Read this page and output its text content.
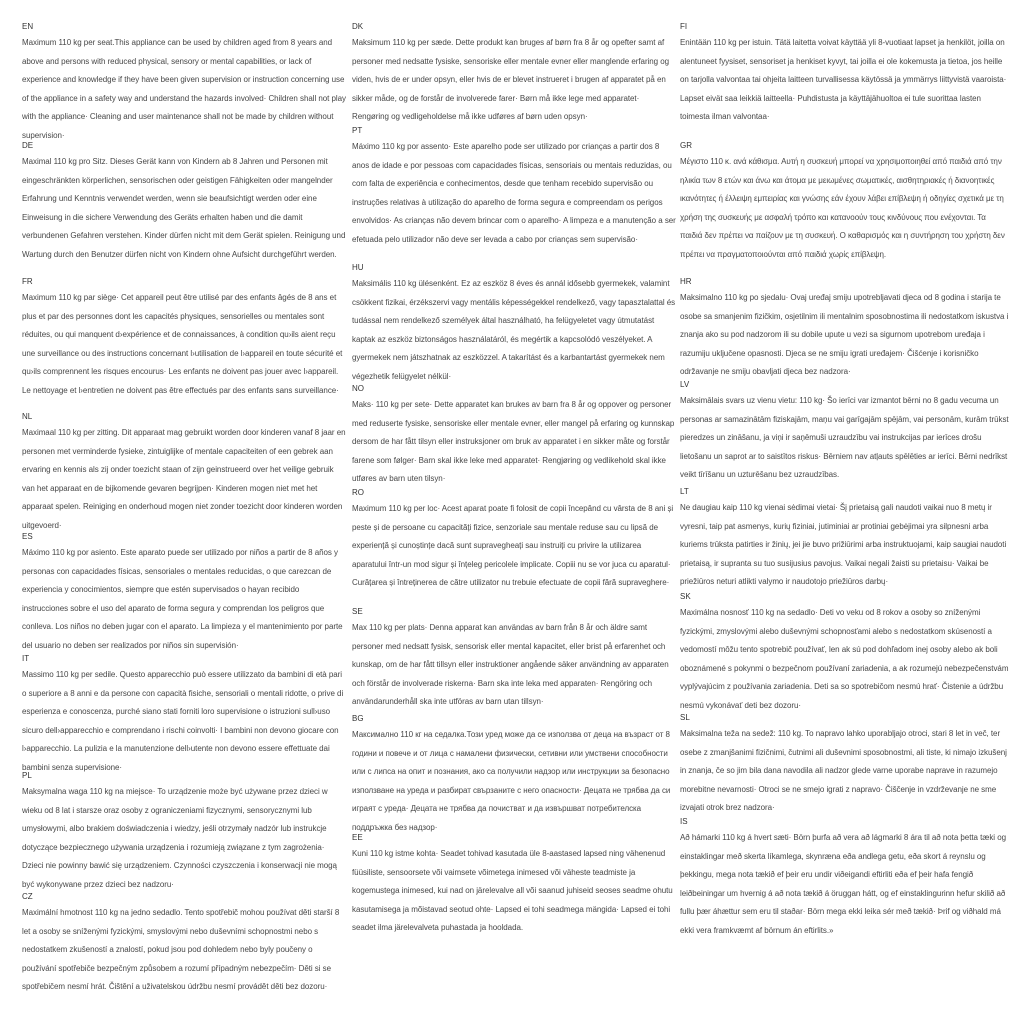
EN

Maximum 110 kg per seat.This appliance can be used by children aged from 8 years and above and persons with reduced physical, sensory or mental capabilities, or lack of experience and knowledge if they have been given supervision or instruction concerning use of the appliance in a safety way and understand the hazards involved· Children shall not play with the appliance· Cleaning and user maintenance shall not be made by children without supervision·

DE

Maximal 110 kg pro Sitz. Dieses Gerät kann von Kindern ab 8 Jahren und Personen mit eingeschränkten körperlichen, sensorischen oder geistigen Fähigkeiten oder mangelnder Erfahrung und Kenntnis verwendet werden, wenn sie beaufsichtigt werden oder eine Einweisung in die sichere Verwendung des Geräts erhalten haben und die damit verbundenen Gefahren verstehen. Kinder dürfen nicht mit dem Gerät spielen. Reinigung und Wartung durch den Benutzer dürfen nicht von Kindern ohne Aufsicht durchgeführt werden.

FR

Maximum 110 kg par siège· Cet appareil peut être utilisé par des enfants âgés de 8 ans et plus et par des personnes dont les capacités physiques, sensorielles ou mentales sont réduites, ou qui manquent d›expérience et de connaissances, à condition qu›ils aient reçu une surveillance ou des instructions concernant l›utilisation de l›appareil en toute sécurité et qu›ils comprennent les risques encourus· Les enfants ne doivent pas jouer avec l›appareil. Le nettoyage et l›entretien ne doivent pas être effectués par des enfants sans surveillance·

NL

Maximaal 110 kg per zitting. Dit apparaat mag gebruikt worden door kinderen vanaf 8 jaar en personen met verminderde fysieke, zintuiglijke of mentale capaciteiten of een gebrek aan ervaring en kennis als zij onder toezicht staan of zijn geinstrueerd over het veilige gebruik van het apparaat en de bijkomende gevaren begrijpen· Kinderen mogen niet met het apparaat spelen. Reiniging en onderhoud mogen niet zonder toezicht door kinderen worden uitgevoerd·

ES

Máximo 110 kg por asiento. Este aparato puede ser utilizado por niños a partir de 8 años y personas con capacidades físicas, sensoriales o mentales reducidas, o que carezcan de experiencia y conocimientos, siempre que estén supervisados o hayan recibido instrucciones sobre el uso del aparato de forma segura y comprendan los peligros que conlleva. Los niños no deben jugar con el aparato. La limpieza y el mantenimiento por parte del usuario no deben ser realizados por niños sin supervisión·

IT

Massimo 110 kg per sedile. Questo apparecchio può essere utilizzato da bambini di età pari o superiore a 8 anni e da persone con capacità fisiche, sensoriali o mentali ridotte, o prive di esperienza e conoscenza, purché siano stati forniti loro supervisione o istruzioni sull›uso sicuro dell›apparecchio e comprendano i rischi coinvolti· I bambini non devono giocare con l›apparecchio. La pulizia e la manutenzione dell›utente non devono essere effettuate dai bambini senza supervisione·

PL

Maksymalna waga 110 kg na miejsce· To urządzenie może być używane przez dzieci w wieku od 8 lat i starsze oraz osoby z ograniczeniami fizycznymi, sensorycznymi lub umysłowymi, albo brakiem doświadczenia i wiedzy, jeśli otrzymały nadzór lub instrukcje dotyczące bezpiecznego używania urządzenia i rozumieją związane z tym zagrożenia· Dzieci nie powinny bawić się urządzeniem. Czynności czyszczenia i konserwacji nie mogą być wykonywane przez dzieci bez nadzoru·

CZ

Maximální hmotnost 110 kg na jedno sedadlo. Tento spotřebič mohou používat děti starší 8 let a osoby se sníženými fyzickými, smyslovými nebo duševními schopnostmi nebo s nedostatkem zkušeností a znalostí, pokud jsou pod dohledem nebo byly poučeny o používání spotřebiče bezpečným způsobem a rozumí případným nebezpečím· Děti si se spotřebičem nesmí hrát. Čištění a uživatelskou údržbu nesmí provádět děti bez dozoru·

DK

Maksimum 110 kg per sæde. Dette produkt kan bruges af børn fra 8 år og opefter samt af personer med nedsatte fysiske, sensoriske eller mentale evner eller manglende erfaring og viden, hvis de er under opsyn, eller hvis de er blevet instrueret i brugen af apparatet på en sikker måde, og de forstår de involverede farer· Børn må ikke lege med apparatet· Rengøring og vedligeholdelse må ikke udføres af børn uden opsyn·

PT

Máximo 110 kg por assento· Este aparelho pode ser utilizado por crianças a partir dos 8 anos de idade e por pessoas com capacidades físicas, sensoriais ou mentais reduzidas, ou com falta de experiência e conhecimentos, desde que tenham recebido supervisão ou instruções relativas à utilização do aparelho de forma segura e compreendam os perigos envolvidos· As crianças não devem brincar com o aparelho· A limpeza e a manutenção a ser efetuada pelo utilizador não deve ser levada a cabo por crianças sem supervisão·

HU

Maksimális 110 kg ülésenként. Ez az eszköz 8 éves és annál idősebb gyermekek, valamint csökkent fizikai, érzékszervi vagy mentális képességekkel rendelkező, vagy tapasztalattal és tudással nem rendelkező személyek által használható, ha felügyeletet vagy útmutatást kaptak az eszköz biztonságos használatáról, és megértik a kapcsolódó veszélyeket. A gyermekek nem játszhatnak az eszközzel. A takarítást és a karbantartást gyermekek nem végezhetik felügyelet nélkül·

NO

Maks· 110 kg per sete· Dette apparatet kan brukes av barn fra 8 år og oppover og personer med reduserte fysiske, sensoriske eller mentale evner, eller mangel på erfaring og kunnskap dersom de har fått tilsyn eller instruksjoner om bruk av apparatet i en sikker måte og forstår farene som følger· Barn skal ikke leke med apparatet· Rengjøring og vedlikehold skal ikke utføres av barn uten tilsyn·

RO

Maximum 110 kg per loc· Acest aparat poate fi folosit de copii începând cu vârsta de 8 ani și peste și de persoane cu capacități fizice, senzoriale sau mentale reduse sau cu lipsă de experiență și cunoștințe dacă sunt supravegheați sau instruiți cu privire la utilizarea aparatului într-un mod sigur și înțeleg pericolele implicate. Copiii nu se vor juca cu aparatul· Curățarea și întreținerea de către utilizator nu trebuie efectuate de copii fără supraveghere·

SE

Max 110 kg per plats· Denna apparat kan användas av barn från 8 år och äldre samt personer med nedsatt fysisk, sensorisk eller mental kapacitet, eller brist på erfarenhet och kunskap, om de har fått tillsyn eller instruktioner angående säker användning av apparaten och förstår de involverade riskerna· Barn ska inte leka med apparaten· Rengöring och användarunderhåll ska inte utföras av barn utan tillsyn·

BG

Максимално 110 кг на седалка.Този уред може да се използва от деца на възраст от 8 години и повече и от лица с намалени физически, сетивни или умствени способности или с липса на опит и познания, ако са получили надзор или инструкции за безопасно използване на уреда и разбират свързаните с него опасности· Децата не трябва да си играят с уреда· Децата не трябва да почистват и да извършват потребителска поддръжка без надзор·

EE

Kuni 110 kg istme kohta· Seadet tohivad kasutada üle 8-aastased lapsed ning vähenenud füüsiliste, sensoorsete või vaimsete võimetega inimesed või väheste teadmiste ja kogemustega inimesed, kui nad on järelevalve all või saanud juhiseid seoses seadme ohutu kasutamisega ja mõistavad seotud ohte· Lapsed ei tohi seadmega mängida· Lapsed ei tohi seadet ilma järelevalveta puhastada ja hooldada.

FI

Enintään 110 kg per istuin. Tätä laitetta voivat käyttää yli 8-vuotiaat lapset ja henkilöt, joilla on alentuneet fyysiset, sensoriset ja henkiset kyvyt, tai joilla ei ole kokemusta ja tietoa, jos heille on tarjolla valvontaa tai ohjeita laitteen turvallisessa käytössä ja ymmärrys liittyvistä vaaroista· Lapset eivät saa leikkiä laitteella· Puhdistusta ja käyttäjähuoltoa ei tule suorittaa lasten toimesta ilman valvontaa·

GR

Μέγιστο 110 κ. ανά κάθισμα. Αυτή η συσκευή μπορεί να χρησιμοποιηθεί από παιδιά από την ηλικία των 8 ετών και άνω και άτομα με μειωμένες σωματικές, αισθητηριακές ή διανοητικές ικανότητες ή έλλειψη εμπειρίας και γνώσης εάν έχουν λάβει επίβλεψη ή οδηγίες σχετικά με τη χρήση της συσκευής με ασφαλή τρόπο και κατανοούν τους κινδύνους που ενέχονται. Τα παιδιά δεν πρέπει να παίζουν με τη συσκευή. Ο καθαρισμός και η συντήρηση του χρήστη δεν πρέπει να πραγματοποιούνται από παιδιά χωρίς επίβλεψη.

HR

Maksimalno 110 kg po sjedalu· Ovaj uređaj smiju upotrebljavati djeca od 8 godina i starija te osobe sa smanjenim fizičkim, osjetilnim ili mentalnim sposobnostima ili nedostatkom iskustva i znanja ako su pod nadzorom ili su dobile upute u vezi sa sigurnom upotrebom uređaja i razumiju uključene opasnosti. Djeca se ne smiju igrati uređajem· Čišćenje i korisničko održavanje ne smiju obavljati djeca bez nadzora·

LV

Maksimālais svars uz vienu vietu: 110 kg· Šo ierīci var izmantot bērni no 8 gadu vecuma un personas ar samazinātām fiziskajām, maņu vai garīgajām spējām, vai personām, kurām trūkst pieredzes un zināšanu, ja viņi ir saņēmuši uzraudzību vai instrukcijas par ierīces drošu lietošanu un saprot ar to saistītos riskus· Bērniem nav atļauts spēlēties ar ierīci. Bērni nedrīkst veikt tīrīšanu un uzturēšanu bez uzraudzības.

LT

Ne daugiau kaip 110 kg vienai sėdimai vietai· Šį prietaisą gali naudoti vaikai nuo 8 metų ir vyresni, taip pat asmenys, kurių fiziniai, jutiminiai ar protiniai gebėjimai yra silpnesni arba kuriems trūksta patirties ir žinių, jei jie buvo prižiūrimi arba instruktuojami, kaip saugiai naudoti prietaisą, ir supranta su tuo susijusius pavojus. Vaikai negali žaisti su prietaisu· Vaikai be priežiūros neturi atlikti valymo ir naudotojo priežiūros darbų·

SK

Maximálna nosnosť 110 kg na sedadlo· Deti vo veku od 8 rokov a osoby so zníženými fyzickými, zmyslovými alebo duševnými schopnosťami alebo s nedostatkom skúseností a vedomostí môžu tento spotrebič používať, len ak sú pod dohľadom inej osoby alebo ak boli oboznámené s pokynmi o bezpečnom používaní zariadenia, a ak rozumejú nebezpečenstvám vyplývajúcim z používania zariadenia. Deti sa so spotrebičom nesmú hrať· Čistenie a údržbu nesmú vykonávať deti bez dozoru·

SL

Maksimalna teža na sedež: 110 kg. To napravo lahko uporabljajo otroci, stari 8 let in več, ter osebe z zmanjšanimi fizičnimi, čutnimi ali duševnimi sposobnostmi, ali tiste, ki nimajo izkušenj in znanja, če so jim bila dana navodila ali nadzor glede varne uporabe naprave in razumejo morebitne nevarnosti· Otroci se ne smejo igrati z napravo· Čiščenje in vzdrževanje ne sme izvajati otrok brez nadzora·

IS

Að hámarki 110 kg á hvert sæti· Börn þurfa að vera að lágmarki 8 ára til að nota þetta tæki og einstaklingar með skerta líkamlega, skynræna eða andlega getu, eða skort á reynslu og þekkingu, mega nota tækið ef þeir eru undir viðeigandi eftirliti eða ef þeir hafa fengið leiðbeiningar um hvernig á að nota tækið á öruggan hátt, og ef einstaklingurinn hefur skilið að fullu þær áhættur sem eru til staðar· Börn mega ekki leika sér með tækið· Þrif og viðhald má ekki vera framkvæmt af börnum án eftirlits.»
